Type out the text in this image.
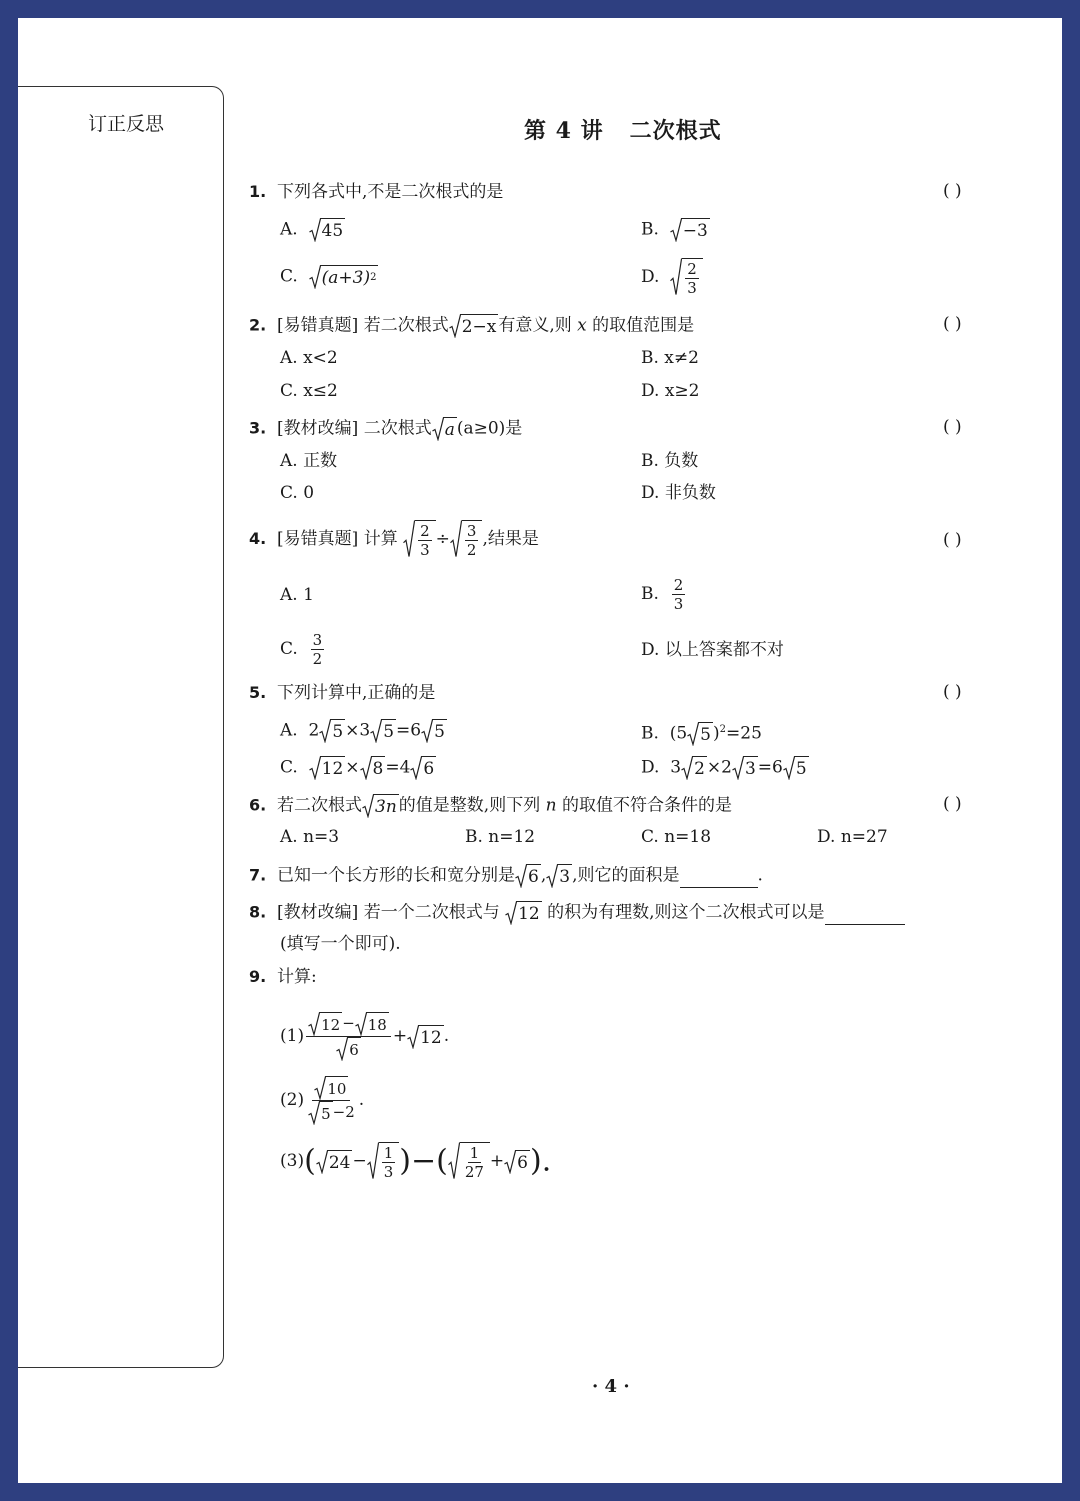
订正反思	第 4 讲 二次根式
1. 下列各式中,不是二次根式的是	( )
A. 45	B. −3
C. (a+3) 2	D. $\frac{2}{3}$
2. [易错真题] 若二次根式 2−x 有意义,则 x 的取值范围是	( )
A. x<2	B. x≠2
C. x≤2	D. x≥2
3. [教材改编] 二次根式 a (a≥0)是	( )
A. 正数	B. 负数
C. 0	D. 非负数
4. [易错真题] 计算 $\frac{2}{3} \div \frac{3}{2}$ ,结果是	( )
A. 1	B. $\frac{2}{3}$
C. $\frac{3}{2}$	D. 以上答案都不对
5. 下列计算中,正确的是	( )
A. 2 5 ×3 5 =6 5	B. (5 5 )$^2$=25
C. 12 × 8 =4 6	D. 3 2 ×2 3 =6 5
6. 若二次根式 3n 的值是整数,则下列 n 的取值不符合条件的是	( )
A. n=3	B. n=12	C. n=18	D. n=27
7. 已知一个长方形的长和宽分别是 6 , 3 ,则它的面积是	.
8. [教材改编] 若一个二次根式与 12 的积为有理数,则这个二次根式可以是
(填写一个即可).
9. 计算:
$(1) \frac{12 - 18}{6} + 12$ .
$(2) \frac{10}{5 -2}$ .
(3)( $24 - \frac{1}{3}$ )−( $\frac{1}{27} + 6$ ).
· 4 ·
